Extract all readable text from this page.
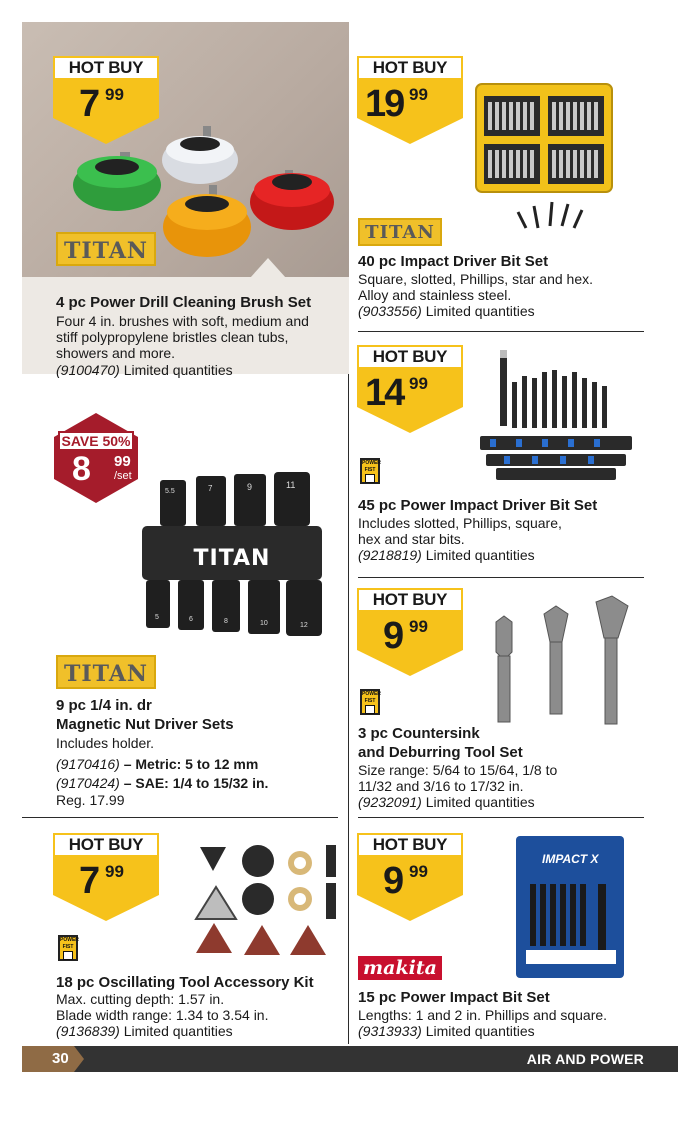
HOT BUY
7 99
TITAN
4 pc Power Drill Cleaning Brush Set
Four 4 in. brushes with soft, medium and
stiff polypropylene bristles clean tubs,
showers and more.
(9100470) Limited quantities
HOT BUY
19 99
TITAN
40 pc Impact Driver Bit Set
Square, slotted, Phillips, star and hex.
Alloy and stainless steel.
(9033556) Limited quantities
HOT BUY
14 99
POWER FIST
45 pc Power Impact Driver Bit Set
Includes slotted, Phillips, square,
hex and star bits.
(9218819) Limited quantities
SAVE 50%
8 99
/set
TITAN
5.5	7	9	11
5	6	8	10	12
TITAN
9 pc 1/4 in. dr
Magnetic Nut Driver Sets
Includes holder.
(9170416) – Metric: 5 to 12 mm
(9170424) – SAE: 1/4 to 15/32 in.
Reg. 17.99
HOT BUY
9 99
POWER FIST
3 pc Countersink
and Deburring Tool Set
Size range: 5/64 to 15/64, 1/8 to
11/32 and 3/16 to 17/32 in.
(9232091) Limited quantities
HOT BUY
7 99
POWER FIST
18 pc Oscillating Tool Accessory Kit
Max. cutting depth: 1.57 in.
Blade width range: 1.34 to 3.54 in.
(9136839) Limited quantities
HOT BUY
9 99
IMPACT X
makita
15 pc Power Impact Bit Set
Lengths: 1 and 2 in. Phillips and square.
(9313933) Limited quantities
30	AIR AND POWER
